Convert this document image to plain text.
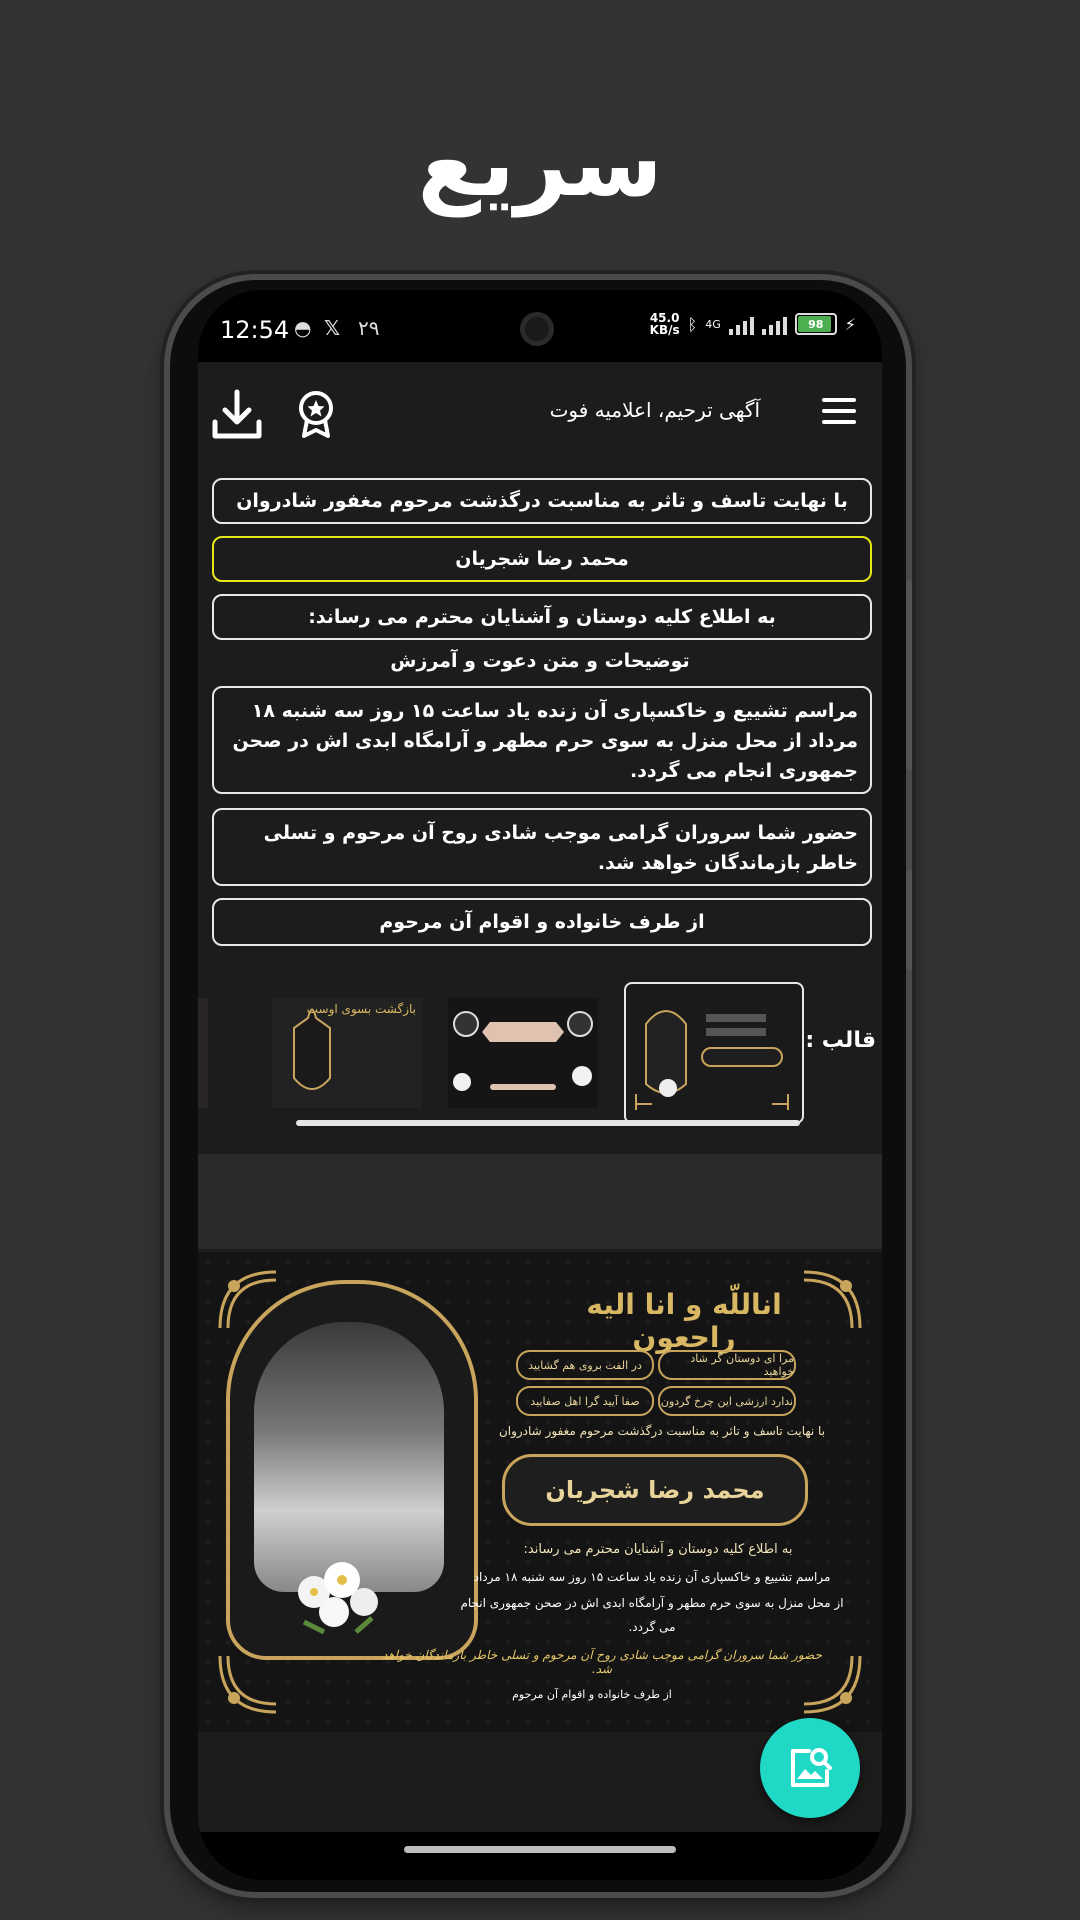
سریع
12:54 ◓ 𝕏 ۲۹	45.0
KB/s ᛒ 4G	98 ⚡
آگهی ترحیم، اعلامیه فوت
با نهایت تاسف و تاثر به مناسبت درگذشت مرحوم مغفور شادروان
محمد رضا شجریان
به اطلاع کلیه دوستان و آشنایان محترم می رساند:
توضیحات و متن دعوت و آمرزش
مراسم تشییع و خاکسپاری آن زنده یاد ساعت ۱۵ روز سه شنبه ۱۸ مرداد از محل منزل به سوی حرم مطهر و آرامگاه ابدی اش در صحن جمهوری انجام می گردد.
حضور شما سروران گرامی موجب شادی روح آن مرحوم و تسلی خاطر بازماندگان خواهد شد.
از طرف خانواده و اقوام آن مرحوم
قالب :
بازگشت بسوی اوست
اناللّه و انا الیه راجعون
مرا ای دوستان گر شاد خواهید
در الفت بروی هم گشایید
ندارد ارزشی این چرخ گردون
صفا آیید گرا اهل صفایید
با نهایت تاسف و تاثر به مناسبت درگذشت مرحوم مغفور شادروان
محمد رضا شجریان
به اطلاع کلیه دوستان و آشنایان محترم می رساند:
مراسم تشییع و خاکسپاری آن زنده یاد ساعت ۱۵ روز سه شنبه ۱۸ مرداد
از محل منزل به سوی حرم مطهر و آرامگاه ابدی اش در صحن جمهوری انجام
می گردد.
حضور شما سروران گرامی موجب شادی روح آن مرحوم و تسلی خاطر بازماندگان خواهد شد.
از طرف خانواده و اقوام آن مرحوم
